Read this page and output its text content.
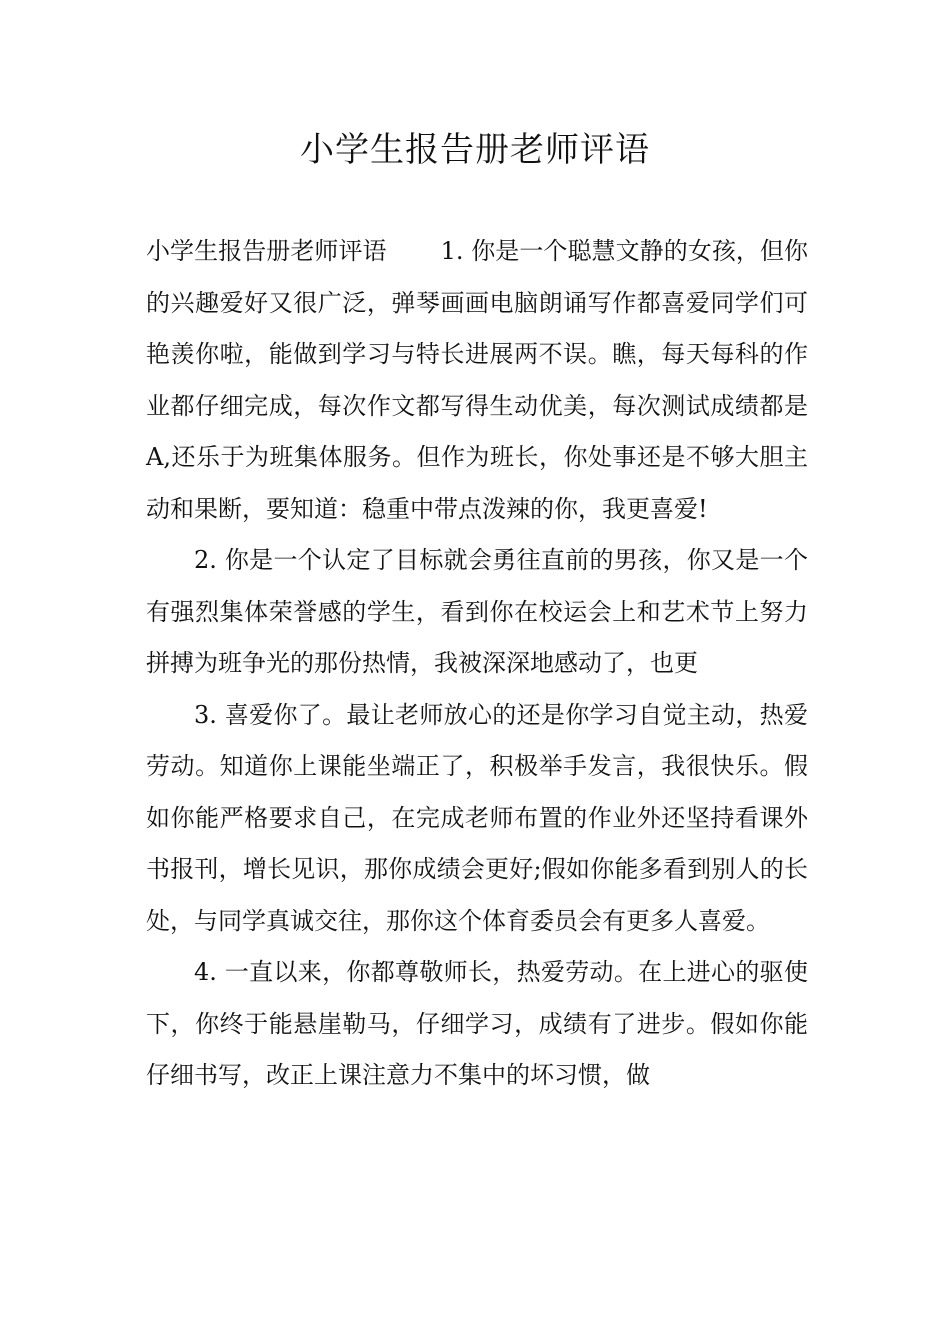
小学生报告册老师评语

小学生报告册老师评语 1. 你是一个聪慧文静的女孩，但你的兴趣爱好又很广泛，弹琴画画电脑朗诵写作都喜爱同学们可艳羡你啦，能做到学习与特长进展两不误。瞧，每天每科的作业都仔细完成，每次作文都写得生动优美，每次测试成绩都是A,还乐于为班集体服务。但作为班长，你处事还是不够大胆主动和果断，要知道：稳重中带点泼辣的你，我更喜爱!

2. 你是一个认定了目标就会勇往直前的男孩，你又是一个有强烈集体荣誉感的学生，看到你在校运会上和艺术节上努力拼搏为班争光的那份热情，我被深深地感动了，也更

3. 喜爱你了。最让老师放心的还是你学习自觉主动，热爱劳动。知道你上课能坐端正了，积极举手发言，我很快乐。假如你能严格要求自己，在完成老师布置的作业外还坚持看课外书报刊，增长见识，那你成绩会更好;假如你能多看到别人的长处，与同学真诚交往，那你这个体育委员会有更多人喜爱。

4. 一直以来，你都尊敬师长，热爱劳动。在上进心的驱使下，你终于能悬崖勒马，仔细学习，成绩有了进步。假如你能仔细书写，改正上课注意力不集中的坏习惯，做
